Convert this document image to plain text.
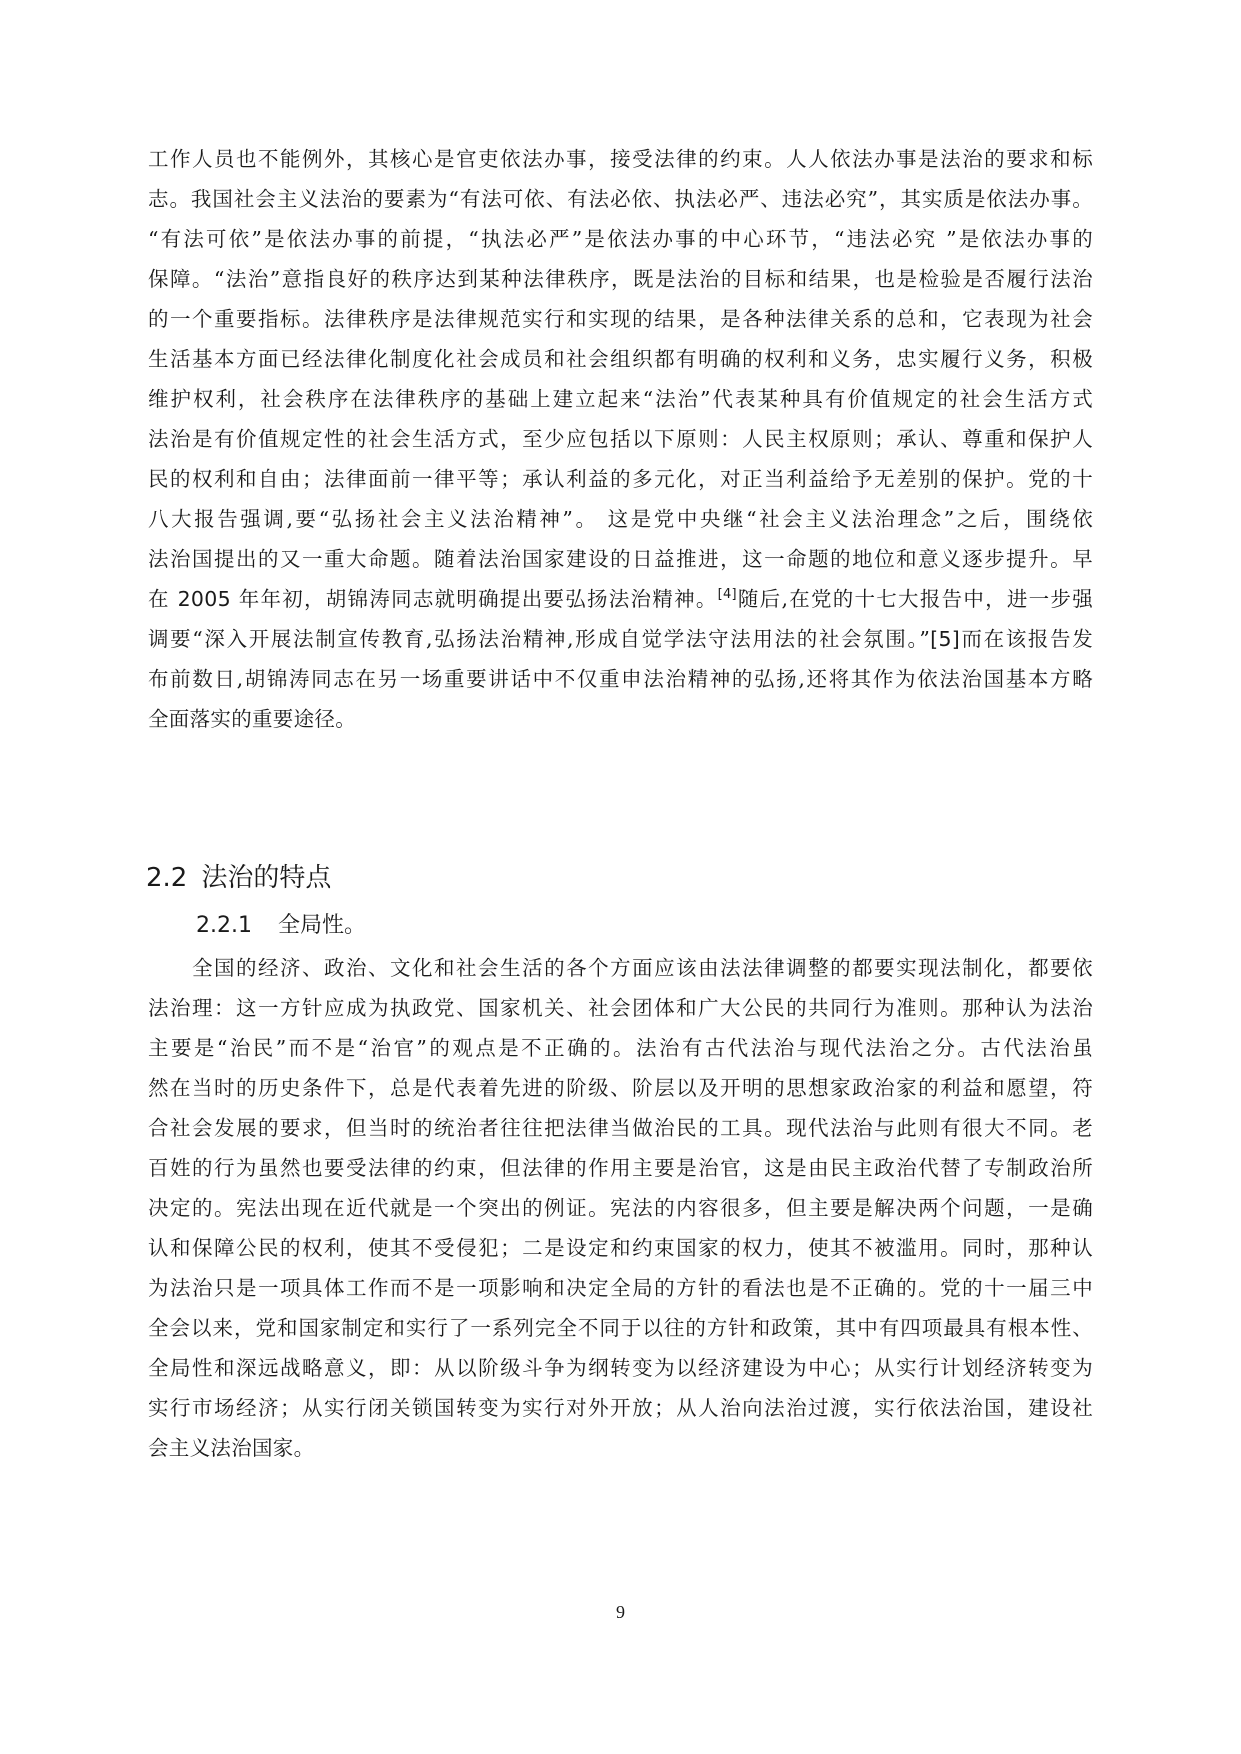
工作人员也不能例外，其核心是官吏依法办事，接受法律的约束。人人依法办事是法治的要求和标
志。我国社会主义法治的要素为“有法可依、有法必依、执法必严、违法必究”，其实质是依法办事。
“有法可依”是依法办事的前提，“执法必严”是依法办事的中心环节，“违法必究 ”是依法办事的
保障。“法治”意指良好的秩序达到某种法律秩序，既是法治的目标和结果，也是检验是否履行法治
的一个重要指标。法律秩序是法律规范实行和实现的结果，是各种法律关系的总和，它表现为社会
生活基本方面已经法律化制度化社会成员和社会组织都有明确的权利和义务，忠实履行义务，积极
维护权利，社会秩序在法律秩序的基础上建立起来“法治”代表某种具有价值规定的社会生活方式
法治是有价值规定性的社会生活方式，至少应包括以下原则：人民主权原则；承认、尊重和保护人
民的权利和自由；法律面前一律平等；承认利益的多元化，对正当利益给予无差别的保护。党的十
八大报告强调,要“弘扬社会主义法治精神”。 这是党中央继“社会主义法治理念”之后，围绕依
法治国提出的又一重大命题。随着法治国家建设的日益推进，这一命题的地位和意义逐步提升。早
在 2005 年年初，胡锦涛同志就明确提出要弘扬法治精神。[4]随后,在党的十七大报告中，进一步强
调要“深入开展法制宣传教育,弘扬法治精神,形成自觉学法守法用法的社会氛围。”[5]而在该报告发
布前数日,胡锦涛同志在另一场重要讲话中不仅重申法治精神的弘扬,还将其作为依法治国基本方略
全面落实的重要途径。
2.2 法治的特点
2.2.1 全局性。
全国的经济、政治、文化和社会生活的各个方面应该由法法律调整的都要实现法制化，都要依
法治理：这一方针应成为执政党、国家机关、社会团体和广大公民的共同行为准则。那种认为法治
主要是“治民”而不是“治官”的观点是不正确的。法治有古代法治与现代法治之分。古代法治虽
然在当时的历史条件下，总是代表着先进的阶级、阶层以及开明的思想家政治家的利益和愿望，符
合社会发展的要求，但当时的统治者往往把法律当做治民的工具。现代法治与此则有很大不同。老
百姓的行为虽然也要受法律的约束，但法律的作用主要是治官，这是由民主政治代替了专制政治所
决定的。宪法出现在近代就是一个突出的例证。宪法的内容很多，但主要是解决两个问题，一是确
认和保障公民的权利，使其不受侵犯；二是设定和约束国家的权力，使其不被滥用。同时，那种认
为法治只是一项具体工作而不是一项影响和决定全局的方针的看法也是不正确的。党的十一届三中
全会以来，党和国家制定和实行了一系列完全不同于以往的方针和政策，其中有四项最具有根本性、
全局性和深远战略意义，即：从以阶级斗争为纲转变为以经济建设为中心；从实行计划经济转变为
实行市场经济；从实行闭关锁国转变为实行对外开放；从人治向法治过渡，实行依法治国，建设社
会主义法治国家。
9
